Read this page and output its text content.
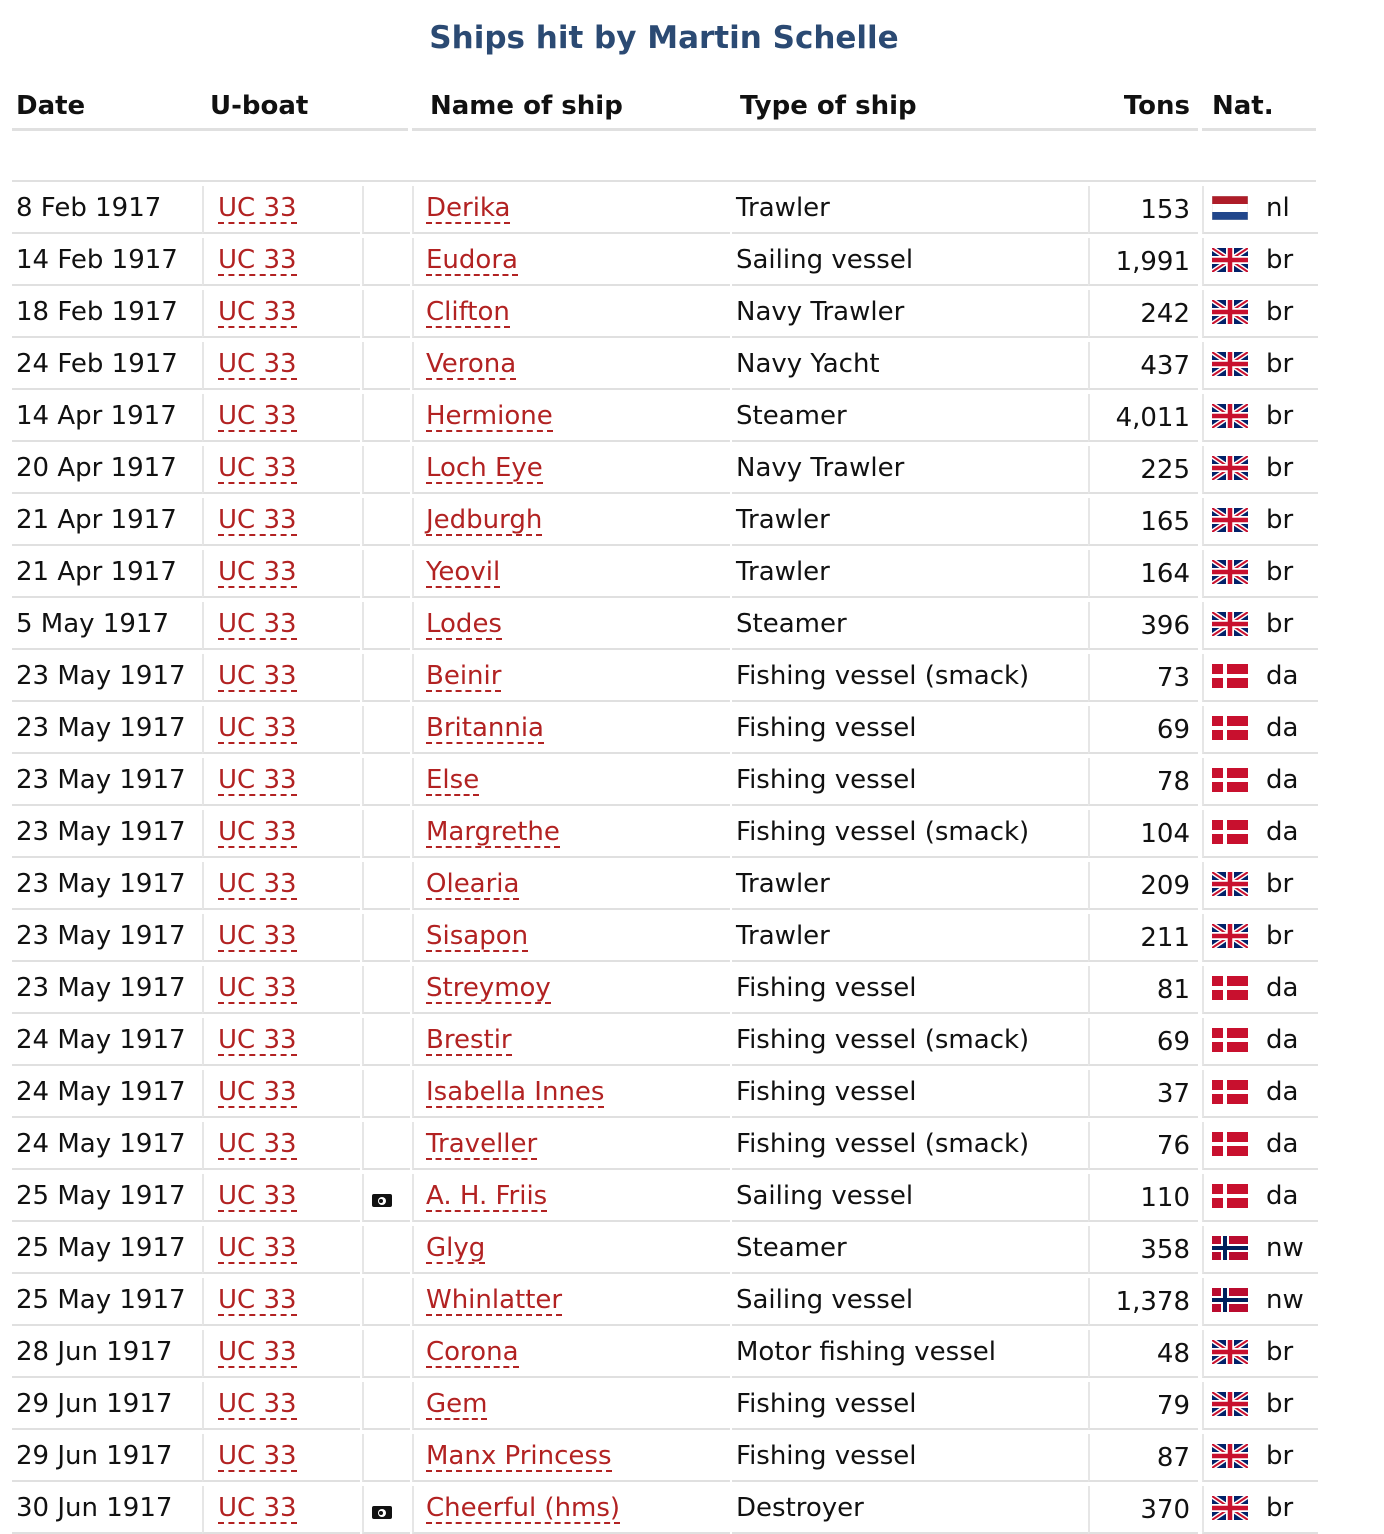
Ships hit by Martin Schelle
Date	U-boat	Name of ship	Type of ship	Tons Nat.
8 Feb 1917	UC 33	Derika	Trawler	153	nl
14 Feb 1917	UC 33	Eudora	Sailing vessel	1,991	br
18 Feb 1917	UC 33	Clifton	Navy Trawler	242	br
24 Feb 1917	UC 33	Verona	Navy Yacht	437	br
14 Apr 1917	UC 33	Hermione	Steamer	4,011	br
20 Apr 1917	UC 33	Loch Eye	Navy Trawler	225	br
21 Apr 1917	UC 33	Jedburgh	Trawler	165	br
21 Apr 1917	UC 33	Yeovil	Trawler	164	br
5 May 1917	UC 33	Lodes	Steamer	396	br
23 May 1917	UC 33	Beinir	Fishing vessel (smack)	73	da
23 May 1917	UC 33	Britannia	Fishing vessel	69	da
23 May 1917	UC 33	Else	Fishing vessel	78	da
23 May 1917	UC 33	Margrethe	Fishing vessel (smack)	104	da
23 May 1917	UC 33	Olearia	Trawler	209	br
23 May 1917	UC 33	Sisapon	Trawler	211	br
23 May 1917	UC 33	Streymoy	Fishing vessel	81	da
24 May 1917	UC 33	Brestir	Fishing vessel (smack)	69	da
24 May 1917	UC 33	Isabella Innes	Fishing vessel	37	da
24 May 1917	UC 33	Traveller	Fishing vessel (smack)	76	da
25 May 1917	UC 33	A. H. Friis	Sailing vessel	110	da
25 May 1917	UC 33	Glyg	Steamer	358	nw
25 May 1917	UC 33	Whinlatter	Sailing vessel	1,378	nw
28 Jun 1917	UC 33	Corona	Motor fishing vessel	48	br
29 Jun 1917	UC 33	Gem	Fishing vessel	79	br
29 Jun 1917	UC 33	Manx Princess	Fishing vessel	87	br
30 Jun 1917	UC 33	Cheerful (hms)	Destroyer	370	br
